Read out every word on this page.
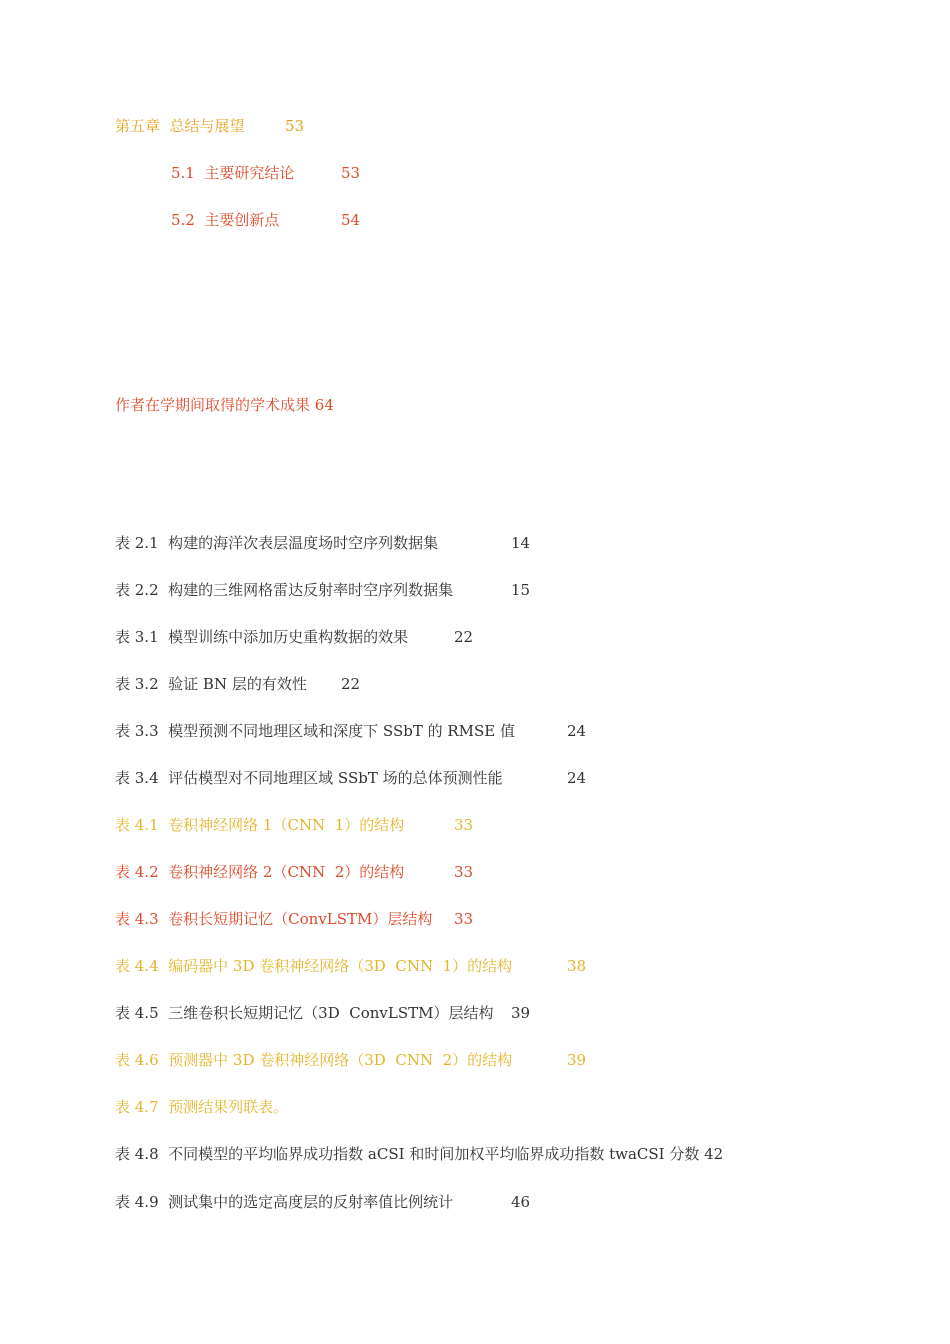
第五章  总结与展望	53
5.1  主要研究结论	53
5.2  主要创新点	54
作者在学期间取得的学术成果 64
表 2.1  构建的海洋次表层温度场时空序列数据集	14
表 2.2  构建的三维网格雷达反射率时空序列数据集	15
表 3.1  模型训练中添加历史重构数据的效果	22
表 3.2  验证 BN 层的有效性 22
表 3.3  模型预测不同地理区域和深度下 SSbT 的 RMSE 值	24
表 3.4  评估模型对不同地理区域 SSbT 场的总体预测性能	24
表 4.1  卷积神经网络 1（CNN  1）的结构	33
表 4.2  卷积神经网络 2（CNN  2）的结构	33
表 4.3  卷积长短期记忆（ConvLSTM）层结构 33
表 4.4  编码器中 3D 卷积神经网络（3D  CNN  1）的结构	38
表 4.5  三维卷积长短期记忆（3D  ConvLSTM）层结构 39
表 4.6  预测器中 3D 卷积神经网络（3D  CNN  2）的结构	39
表 4.7  预测结果列联表。
表 4.8  不同模型的平均临界成功指数 aCSI 和时间加权平均临界成功指数 twaCSI 分数 42
表 4.9  测试集中的选定高度层的反射率值比例统计	46
